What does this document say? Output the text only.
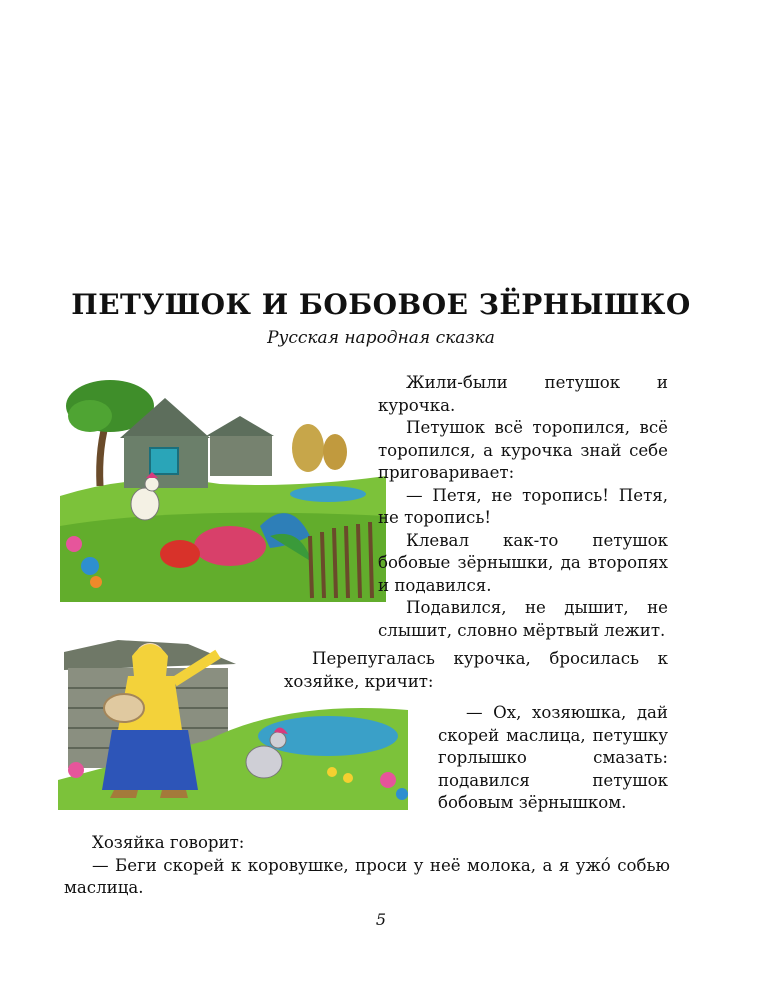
ПЕТУШОК И БОБОВОЕ ЗЁРНЫШКО
Русская народная сказка

Жили-были петушок и курочка.

Петушок всё торопился, всё торопился, а курочка знай себе приговаривает:

— Петя, не торопись! Петя, не торопись!

Клевал как-то петушок бобовые зёрнышки, да второпях и подавился.

Подавился, не дышит, не слышит, словно мёртвый лежит.

Перепугалась курочка, бросилась к хозяйке, кричит:

— Ох, хозяюшка, дай скорей маслица, петушку горлышко смазать: подавился петушок бобовым зёрнышком.

Хозяйка говорит:

— Беги скорей к коровушке, проси у неё молока, а я ужó собью маслица.

5
